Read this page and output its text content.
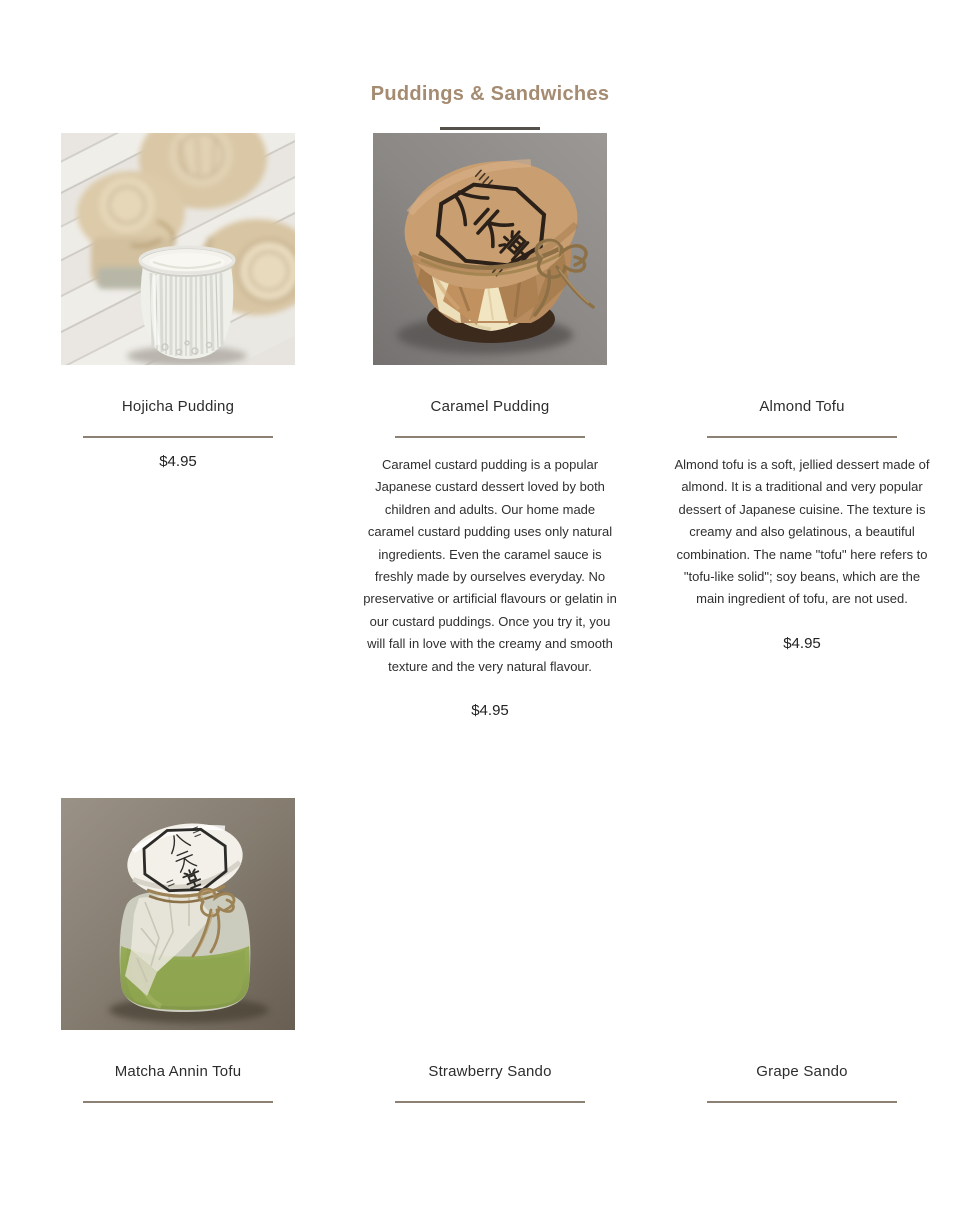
Puddings & Sandwiches
Hojicha Pudding
$4.95
Caramel Pudding
Caramel custard pudding is a popular Japanese custard dessert loved by both children and adults. Our home made caramel custard pudding uses only natural ingredients. Even the caramel sauce is freshly made by ourselves everyday. No preservative or artificial flavours or gelatin in our custard puddings. Once you try it, you will fall in love with the creamy and smooth texture and the very natural flavour.
$4.95
Almond Tofu
Almond tofu is a soft, jellied dessert made of almond. It is a traditional and very popular dessert of Japanese cuisine. The texture is creamy and also gelatinous, a beautiful combination. The name "tofu" here refers to "tofu-like solid"; soy beans, which are the main ingredient of tofu, are not used.
$4.95
Matcha Annin Tofu	Strawberry Sando	Grape Sando
